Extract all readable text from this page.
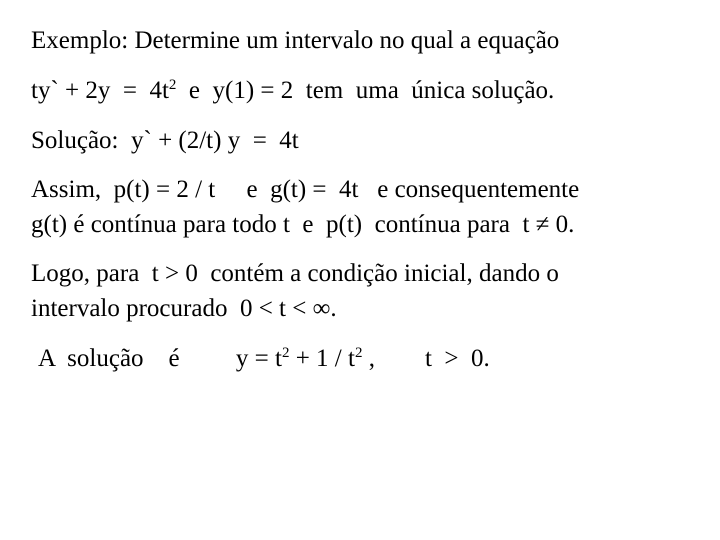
Exemplo: Determine um intervalo no qual a equação
ty` + $2y = 4t^2$  e  y(1) = 2  tem  uma  única solução.
Solução:  y` + (2/t) y  =  4t
Assim,  p(t) = 2 / t     e  g(t) =  4t   e consequentemente
g(t) é contínua para todo t  e  p(t)  contínua para  t ≠ 0.
Logo, para  t > 0  contém a condição inicial, dando o
intervalo procurado  0 < t < ∞.
A  solução    é         $y = t^2 + 1 / t^2$ ,        t  >  0.
